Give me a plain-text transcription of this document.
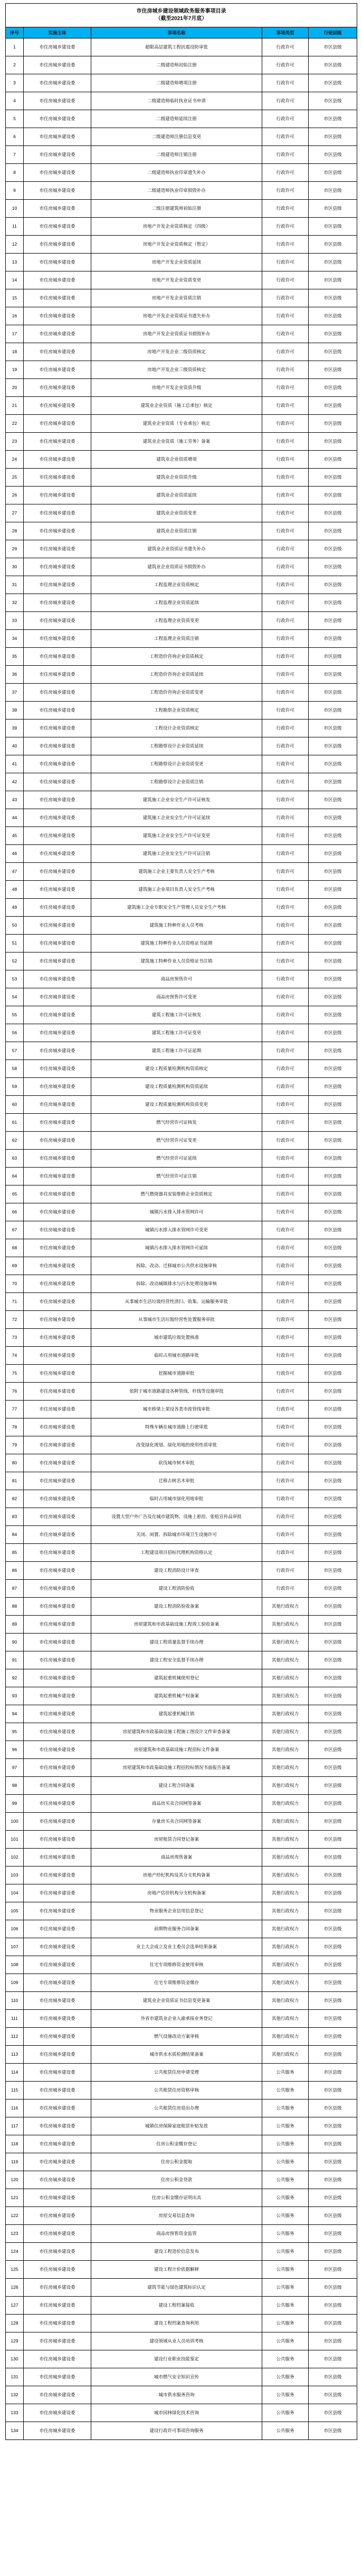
市住房城乡建设领域政务服务事项目录
（截至2021年7月底）				

序号	实施主体	事项名称	事项类型	行使层级
1	市住房城乡建设委	超限高层建筑工程抗震设防审批	行政许可	市区县级
2	市住房城乡建设委	二级建造师初始注册	行政许可	市区县级
3	市住房城乡建设委	二级建造师增项注册	行政许可	市区县级
4	市住房城乡建设委	二级建造师临时执业证书申请	行政许可	市区县级
5	市住房城乡建设委	二级建造师延续注册	行政许可	市区县级
6	市住房城乡建设委	二级建造师注册信息变更	行政许可	市区县级
7	市住房城乡建设委	二级建造师注销注册	行政许可	市区县级
8	市住房城乡建设委	二级建造师执业印章遗失补办	行政许可	市区县级
9	市住房城乡建设委	二级建造师执业印章损毁补办	行政许可	市区县级
10	市住房城乡建设委	二级注册建筑师初始注册	行政许可	市区县级
11	市住房城乡建设委	房地产开发企业资质核定（四级）	行政许可	市区县级
12	市住房城乡建设委	房地产开发企业资质核定（暂定）	行政许可	市区县级
13	市住房城乡建设委	房地产开发企业资质延续	行政许可	市区县级
14	市住房城乡建设委	房地产开发企业资质变更	行政许可	市区县级
15	市住房城乡建设委	房地产开发企业资质注销	行政许可	市区县级
16	市住房城乡建设委	房地产开发企业资质证书遗失补办	行政许可	市区县级
17	市住房城乡建设委	房地产开发企业资质证书损毁补办	行政许可	市区县级
18	市住房城乡建设委	房地产开发企业二级资质核定	行政许可	市区县级
19	市住房城乡建设委	房地产开发企业三级资质核定	行政许可	市区县级
20	市住房城乡建设委	房地产开发企业资质升级	行政许可	市区县级
21	市住房城乡建设委	建筑业企业资质（施工总承包）核定	行政许可	市区县级
22	市住房城乡建设委	建筑业企业资质（专业承包）核定	行政许可	市区县级
23	市住房城乡建设委	建筑业企业资质（施工劳务）备案	行政许可	市区县级
24	市住房城乡建设委	建筑业企业资质增项	行政许可	市区县级
25	市住房城乡建设委	建筑业企业资质升级	行政许可	市区县级
26	市住房城乡建设委	建筑业企业资质延续	行政许可	市区县级
27	市住房城乡建设委	建筑业企业资质变更	行政许可	市区县级
28	市住房城乡建设委	建筑业企业资质注销	行政许可	市区县级
29	市住房城乡建设委	建筑业企业资质证书遗失补办	行政许可	市区县级
30	市住房城乡建设委	建筑业企业资质证书损毁补办	行政许可	市区县级
31	市住房城乡建设委	工程监理企业资质核定	行政许可	市区县级
32	市住房城乡建设委	工程监理企业资质延续	行政许可	市区县级
33	市住房城乡建设委	工程监理企业资质变更	行政许可	市区县级
34	市住房城乡建设委	工程监理企业资质注销	行政许可	市区县级
35	市住房城乡建设委	工程造价咨询企业资质核定	行政许可	市区县级
36	市住房城乡建设委	工程造价咨询企业资质延续	行政许可	市区县级
37	市住房城乡建设委	工程造价咨询企业资质变更	行政许可	市区县级
38	市住房城乡建设委	工程勘察企业资质核定	行政许可	市区县级
39	市住房城乡建设委	工程设计企业资质核定	行政许可	市区县级
40	市住房城乡建设委	工程勘察设计企业资质延续	行政许可	市区县级
41	市住房城乡建设委	工程勘察设计企业资质变更	行政许可	市区县级
42	市住房城乡建设委	工程勘察设计企业资质注销	行政许可	市区县级
43	市住房城乡建设委	建筑施工企业安全生产许可证核发	行政许可	市区县级
44	市住房城乡建设委	建筑施工企业安全生产许可证延续	行政许可	市区县级
45	市住房城乡建设委	建筑施工企业安全生产许可证变更	行政许可	市区县级
46	市住房城乡建设委	建筑施工企业安全生产许可证注销	行政许可	市区县级
47	市住房城乡建设委	建筑施工企业主要负责人安全生产考核	行政许可	市区县级
48	市住房城乡建设委	建筑施工企业项目负责人安全生产考核	行政许可	市区县级
49	市住房城乡建设委	建筑施工企业专职安全生产管理人员安全生产考核	行政许可	市区县级
50	市住房城乡建设委	建筑施工特种作业人员考核	行政许可	市区县级
51	市住房城乡建设委	建筑施工特种作业人员资格证书延期	行政许可	市区县级
52	市住房城乡建设委	建筑施工特种作业人员资格证书注销	行政许可	市区县级
53	市住房城乡建设委	商品房预售许可	行政许可	市区县级
54	市住房城乡建设委	商品房预售许可变更	行政许可	市区县级
55	市住房城乡建设委	建筑工程施工许可证核发	行政许可	市区县级
56	市住房城乡建设委	建筑工程施工许可证变更	行政许可	市区县级
57	市住房城乡建设委	建筑工程施工许可证延期	行政许可	市区县级
58	市住房城乡建设委	建设工程质量检测机构资质核定	行政许可	市区县级
59	市住房城乡建设委	建设工程质量检测机构资质延续	行政许可	市区县级
60	市住房城乡建设委	建设工程质量检测机构资质变更	行政许可	市区县级
61	市住房城乡建设委	燃气经营许可证核发	行政许可	市区县级
62	市住房城乡建设委	燃气经营许可证变更	行政许可	市区县级
63	市住房城乡建设委	燃气经营许可证延续	行政许可	市区县级
64	市住房城乡建设委	燃气经营许可证注销	行政许可	市区县级
65	市住房城乡建设委	燃气燃烧器具安装维修企业资质核定	行政许可	市区县级
66	市住房城乡建设委	城镇污水排入排水管网许可	行政许可	市区县级
67	市住房城乡建设委	城镇污水排入排水管网许可变更	行政许可	市区县级
68	市住房城乡建设委	城镇污水排入排水管网许可延续	行政许可	市区县级
69	市住房城乡建设委	拆除、改动、迁移城市公共供水设施审核	行政许可	市区县级
70	市住房城乡建设委	拆除、改动城镇排水与污水处理设施审核	行政许可	市区县级
71	市住房城乡建设委	从事城市生活垃圾经营性清扫、收集、运输服务审批	行政许可	市区县级
72	市住房城乡建设委	从事城市生活垃圾经营性处置服务审批	行政许可	市区县级
73	市住房城乡建设委	城市建筑垃圾处置核准	行政许可	市区县级
74	市住房城乡建设委	临时占用城市道路审批	行政许可	市区县级
75	市住房城乡建设委	挖掘城市道路审批	行政许可	市区县级
76	市住房城乡建设委	依附于城市道路建设各种管线、杆线等设施审批	行政许可	市区县级
77	市住房城乡建设委	城市桥梁上架设各类市政管线审批	行政许可	市区县级
78	市住房城乡建设委	特殊车辆在城市道路上行驶审批	行政许可	市区县级
79	市住房城乡建设委	改变绿化规划、绿化用地的使用性质审批	行政许可	市区县级
80	市住房城乡建设委	砍伐城市树木审批	行政许可	市区县级
81	市住房城乡建设委	迁移古树名木审批	行政许可	市区县级
82	市住房城乡建设委	临时占用城市绿化用地审批	行政许可	市区县级
83	市住房城乡建设委	设置大型户外广告及在城市建筑物、设施上悬挂、张贴宣传品审批	行政许可	市区县级
84	市住房城乡建设委	关闭、闲置、拆除城市环境卫生设施许可	行政许可	市区县级
85	市住房城乡建设委	工程建设项目招标代理机构资格认定	行政许可	市区县级
86	市住房城乡建设委	建设工程消防设计审查	行政许可	市区县级
87	市住房城乡建设委	建设工程消防验收	行政许可	市区县级
88	市住房城乡建设委	建设工程消防验收备案	其他行政权力	市区县级
89	市住房城乡建设委	房屋建筑和市政基础设施工程竣工验收备案	其他行政权力	市区县级
90	市住房城乡建设委	建设工程质量监督手续办理	其他行政权力	市区县级
91	市住房城乡建设委	建设工程安全监督手续办理	其他行政权力	市区县级
92	市住房城乡建设委	建筑起重机械使用登记	其他行政权力	市区县级
93	市住房城乡建设委	建筑起重机械产权备案	其他行政权力	市区县级
94	市住房城乡建设委	建筑起重机械注销	其他行政权力	市区县级
95	市住房城乡建设委	房屋建筑和市政基础设施工程施工图设计文件审查备案	其他行政权力	市区县级
96	市住房城乡建设委	房屋建筑和市政基础设施工程招标文件备案	其他行政权力	市区县级
97	市住房城乡建设委	房屋建筑和市政基础设施工程招投标情况书面报告备案	其他行政权力	市区县级
98	市住房城乡建设委	建设工程合同备案	其他行政权力	市区县级
99	市住房城乡建设委	商品房买卖合同网签备案	其他行政权力	市区县级
100	市住房城乡建设委	存量房买卖合同网签备案	其他行政权力	市区县级
101	市住房城乡建设委	房屋租赁合同登记备案	其他行政权力	市区县级
102	市住房城乡建设委	商品房现售备案	其他行政权力	市区县级
103	市住房城乡建设委	房地产经纪机构及其分支机构备案	其他行政权力	市区县级
104	市住房城乡建设委	房地产估价机构分支机构备案	其他行政权力	市区县级
105	市住房城乡建设委	物业服务企业信用信息登记	其他行政权力	市区县级
106	市住房城乡建设委	前期物业服务合同备案	其他行政权力	市区县级
107	市住房城乡建设委	业主大会成立及业主委员会选举结果备案	其他行政权力	市区县级
108	市住房城乡建设委	住宅专项维修资金使用审核	其他行政权力	市区县级
109	市住房城乡建设委	住宅专项维修资金缴存	其他行政权力	市区县级
110	市住房城乡建设委	建筑业企业资质证书信息变更备案	其他行政权力	市区县级
111	市住房城乡建设委	外省市建筑业企业入渝承接业务登记	其他行政权力	市区县级
112	市住房城乡建设委	燃气设施改动方案审核	其他行政权力	市区县级
113	市住房城乡建设委	城市供水水质检测结果备案	其他行政权力	市区县级
114	市住房城乡建设委	公共租赁住房申请受理	公共服务	市区县级
115	市住房城乡建设委	公共租赁住房资格审核	公共服务	市区县级
116	市住房城乡建设委	公共租赁住房退出办理	公共服务	市区县级
117	市住房城乡建设委	城镇住房保障家庭租赁补贴发放	公共服务	市区县级
118	市住房城乡建设委	住房公积金缴存登记	公共服务	市区县级
119	市住房城乡建设委	住房公积金提取	公共服务	市区县级
120	市住房城乡建设委	住房公积金贷款	公共服务	市区县级
121	市住房城乡建设委	住房公积金缴存证明出具	公共服务	市区县级
122	市住房城乡建设委	房屋交易信息查询	公共服务	市区县级
123	市住房城乡建设委	商品房预售资金监管	公共服务	市区县级
124	市住房城乡建设委	建设工程造价信息发布	公共服务	市区县级
125	市住房城乡建设委	建设工程计价依据解释	公共服务	市区县级
126	市住房城乡建设委	建筑节能与绿色建筑标识认定	公共服务	市区县级
127	市住房城乡建设委	建设工程档案接收	公共服务	市区县级
128	市住房城乡建设委	建设工程档案查询利用	公共服务	市区县级
129	市住房城乡建设委	建设领域从业人员培训考核	公共服务	市区县级
130	市住房城乡建设委	建设行业职业技能鉴定	公共服务	市区县级
131	市住房城乡建设委	城市燃气安全知识宣传	公共服务	市区县级
132	市住房城乡建设委	城市供水服务咨询	公共服务	市区县级
133	市住房城乡建设委	城市园林绿化技术咨询	公共服务	市区县级
134	市住房城乡建设委	建设行政许可事项咨询服务	公共服务	市区县级
